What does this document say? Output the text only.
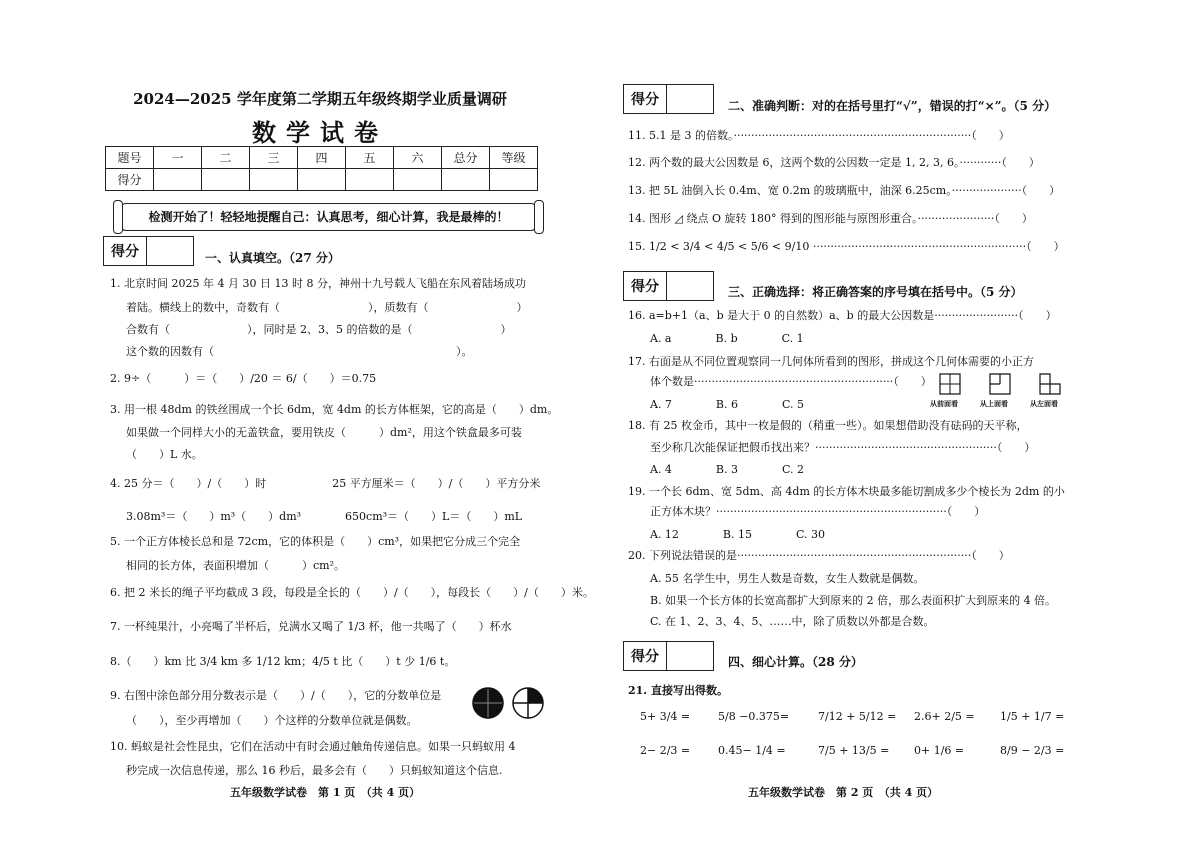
2024—2025 学年度第二学期五年级终期学业质量调研
数学试卷
题号	一	二	三	四	五	六	总分	等级
得分								
检测开始了！轻轻地提醒自己：认真思考，细心计算，我是最棒的！
得分	一、认真填空。（27 分）
1. 北京时间 2025 年 4 月 30 日 13 时 8 分，神州十九号载人飞船在东风着陆场成功
着陆。横线上的数中，奇数有（　　　　　　　　），质数有（　　　　　　　　）
合数有（　　　　　　　），同时是 2、3、5 的倍数的是（　　　　　　　　）
这个数的因数有（　　　　　　　　　　　　　　　　　　　　　　）。
2. 9÷（　　　）＝（　　）/20 ＝ 6/（　　）＝0.75
3. 用一根 48dm 的铁丝围成一个长 6dm，宽 4dm 的长方体框架，它的高是（　　）dm。
如果做一个同样大小的无盖铁盒，要用铁皮（　　　）dm²，用这个铁盒最多可装
（　　）L 水。
4. 25 分＝（　　）/（　　）时　　　　　　25 平方厘米＝（　　）/（　　）平方分米
3.08m³＝（　　）m³（　　）dm³　　　　650cm³＝（　　）L＝（　　）mL
5. 一个正方体棱长总和是 72cm，它的体积是（　　）cm³，如果把它分成三个完全
相同的长方体，表面积增加（　　　）cm²。
6. 把 2 米长的绳子平均截成 3 段，每段是全长的（　　）/（　　），每段长（　　）/（　　）米。
7. 一杯纯果汁，小亮喝了半杯后，兑满水又喝了 1/3 杯，他一共喝了（　　）杯水
8.（　　）km 比 3/4 km 多 1/12 km；4/5 t 比（　　）t 少 1/6 t。
9. 右图中涂色部分用分数表示是（　　）/（　　），它的分数单位是
（　　），至少再增加（　　）个这样的分数单位就是偶数。
10. 蚂蚁是社会性昆虫，它们在活动中有时会通过触角传递信息。如果一只蚂蚁用 4
秒完成一次信息传递，那么 16 秒后，最多会有（　　）只蚂蚁知道这个信息.
五年级数学试卷　第 1 页　（共 4 页）
得分	二、准确判断：对的在括号里打“√”，错误的打“×”。（5 分）
11. 5.1 是 3 的倍数。····································································（　　）
12. 两个数的最大公因数是 6，这两个数的公因数一定是 1, 2, 3, 6。············（　　）
13. 把 5L 油倒入长 0.4m、宽 0.2m 的玻璃瓶中，油深 6.25cm。····················（　　）
14. 图形 ◿ 绕点 O 旋转 180° 得到的图形能与原图形重合。······················（　　）
15. 1/2 < 3/4 < 4/5 < 5/6 < 9/10 ·····························································（　　）
得分	三、正确选择：将正确答案的序号填在括号中。（5 分）
16. a=b+1（a、b 是大于 0 的自然数）a、b 的最大公因数是························（　　）
A. a　　　　B. b　　　　C. 1
17. 右面是从不同位置观察同一几何体所看到的图形，拼成这个几何体需要的小正方
体个数是·························································（　　）
A. 7　　　　B. 6　　　　C. 5
18. 有 25 枚金币，其中一枚是假的（稍重一些）。如果想借助没有砝码的天平称，
至少称几次能保证把假币找出来？····················································（　　）
A. 4　　　　B. 3　　　　C. 2
19. 一个长 6dm、宽 5dm、高 4dm 的长方体木块最多能切割成多少个棱长为 2dm 的小
正方体木块？··································································（　　）
A. 12　　　　B. 15　　　　C. 30
20. 下列说法错误的是···································································（　　）
A. 55 名学生中，男生人数是奇数，女生人数就是偶数。
B. 如果一个长方体的长宽高都扩大到原来的 2 倍，那么表面积扩大到原来的 4 倍。
C. 在 1、2、3、4、5、……中，除了质数以外都是合数。
从前面看	从上面看	从左面看
得分	四、细心计算。（28 分）
21. 直接写出得数。
5+ 3/4 =	5/8 −0.375=	7/12 + 5/12 = 2.6+ 2/5 = 1/5 + 1/7 =
2− 2/3 =	0.45− 1/4 =	7/5 + 13/5 = 0+ 1/6 =	8/9 − 2/3 =
五年级数学试卷　第 2 页　（共 4 页）
